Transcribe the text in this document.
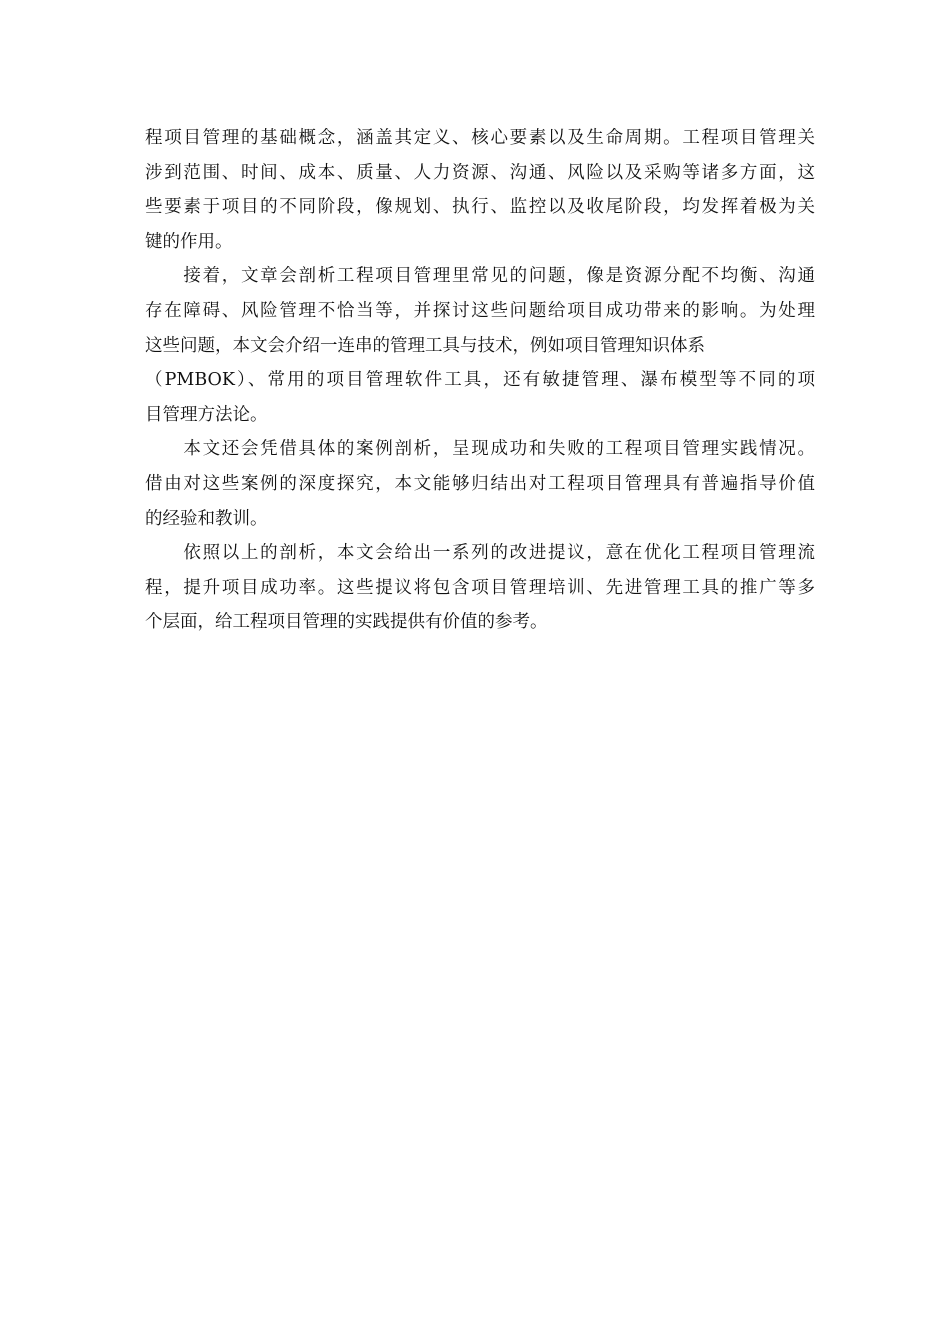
程项目管理的基础概念，涵盖其定义、核心要素以及生命周期。工程项目管理关
涉到范围、时间、成本、质量、人力资源、沟通、风险以及采购等诸多方面，这
些要素于项目的不同阶段，像规划、执行、监控以及收尾阶段，均发挥着极为关
键的作用。
　　接着，文章会剖析工程项目管理里常见的问题，像是资源分配不均衡、沟通
存在障碍、风险管理不恰当等，并探讨这些问题给项目成功带来的影响。为处理
这些问题，本文会介绍一连串的管理工具与技术，例如项目管理知识体系
（PMBOK）、常用的项目管理软件工具，还有敏捷管理、瀑布模型等不同的项
目管理方法论。
　　本文还会凭借具体的案例剖析，呈现成功和失败的工程项目管理实践情况。
借由对这些案例的深度探究，本文能够归结出对工程项目管理具有普遍指导价值
的经验和教训。
　　依照以上的剖析，本文会给出一系列的改进提议，意在优化工程项目管理流
程，提升项目成功率。这些提议将包含项目管理培训、先进管理工具的推广等多
个层面，给工程项目管理的实践提供有价值的参考。
